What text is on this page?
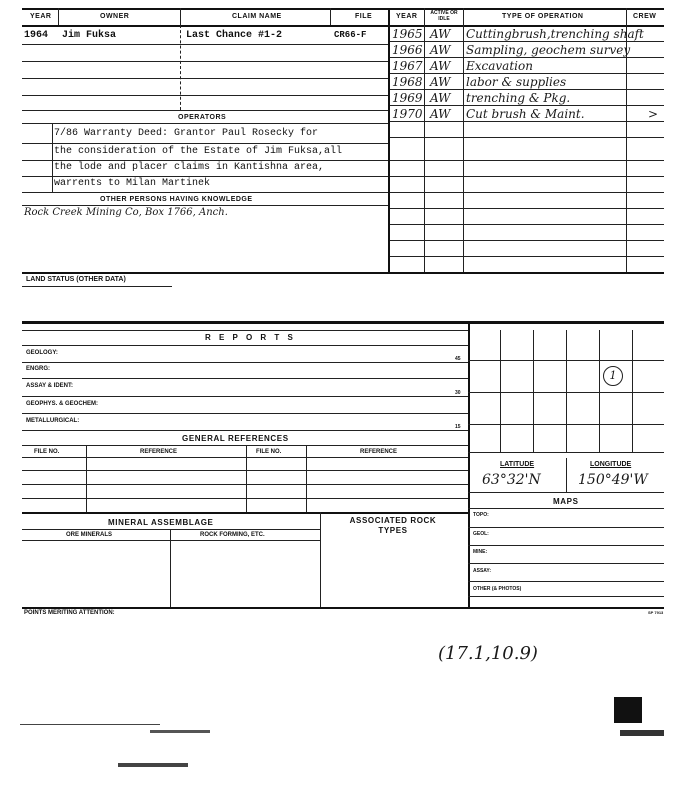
YEAR	OWNER	CLAIM NAME	FILE	YEAR	ACTIVE OR IDLE	TYPE OF OPERATION	CREW
1964 Jim Fuksa	Last Chance #1-2	CR66-F
OPERATORS
7/86 Warranty Deed: Grantor Paul Rosecky for
the consideration of the Estate of Jim Fuksa,all
the lode and placer claims in Kantishna area,
warrents to Milan Martinek
OTHER PERSONS HAVING KNOWLEDGE
Rock Creek Mining Co, Box 1766, Anch.
1965 AW Cuttingbrush,trenching shaft
1966 AW Sampling, geochem survey
1967 AW Excavation
1968 AW labor & supplies
1969 AW trenching & Pkg.
1970 AW Cut brush & Maint.	>
LAND STATUS (OTHER DATA)
R E P O R T S
GEOLOGY:
45
ENGRG:
ASSAY & IDENT:
30
GEOPHYS. & GEOCHEM:
METALLURGICAL:
15
GENERAL REFERENCES
FILE NO.	REFERENCE	FILE NO.	REFERENCE
MINERAL ASSEMBLAGE	ASSOCIATED ROCK TYPES
ORE MINERALS	ROCK FORMING, ETC.
1
LATITUDE	LONGITUDE
63°32'N	150°49'W
MAPS
TOPO:
GEOL:
MINE:
ASSAY:
OTHER (& PHOTOS)
POINTS MERITING ATTENTION:	SP 7913
(17.1,10.9)
